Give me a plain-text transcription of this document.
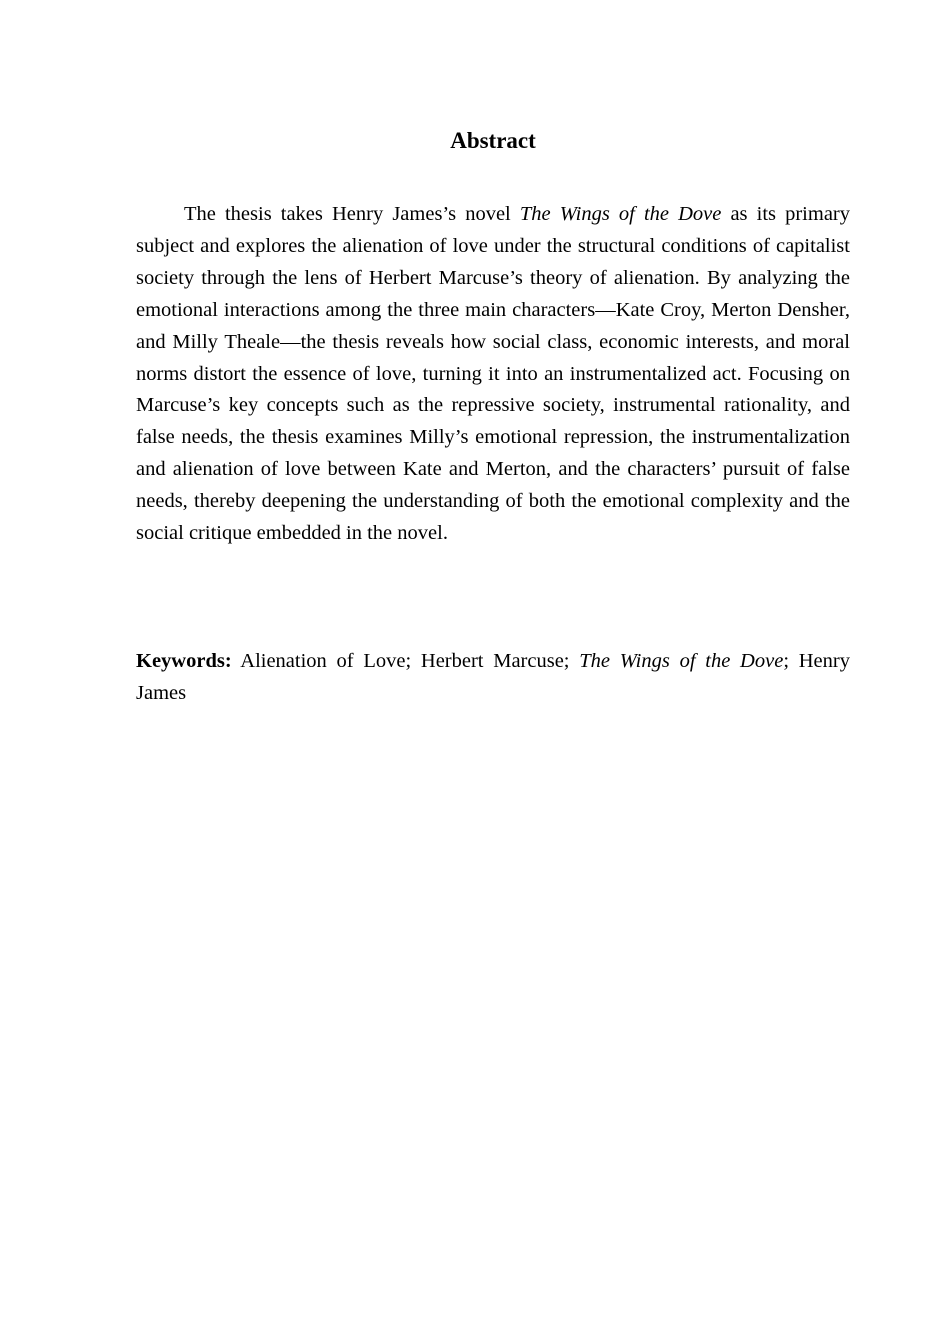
Abstract

The thesis takes Henry James’s novel The Wings of the Dove as its primary subject and explores the alienation of love under the structural conditions of capitalist society through the lens of Herbert Marcuse’s theory of alienation. By analyzing the emotional interactions among the three main characters—Kate Croy, Merton Densher, and Milly Theale—the thesis reveals how social class, economic interests, and moral norms distort the essence of love, turning it into an instrumentalized act. Focusing on Marcuse’s key concepts such as the repressive society, instrumental rationality, and false needs, the thesis examines Milly’s emotional repression, the instrumentalization and alienation of love between Kate and Merton, and the characters’ pursuit of false needs, thereby deepening the understanding of both the emotional complexity and the social critique embedded in the novel.

Keywords: Alienation of Love; Herbert Marcuse; The Wings of the Dove; Henry James
